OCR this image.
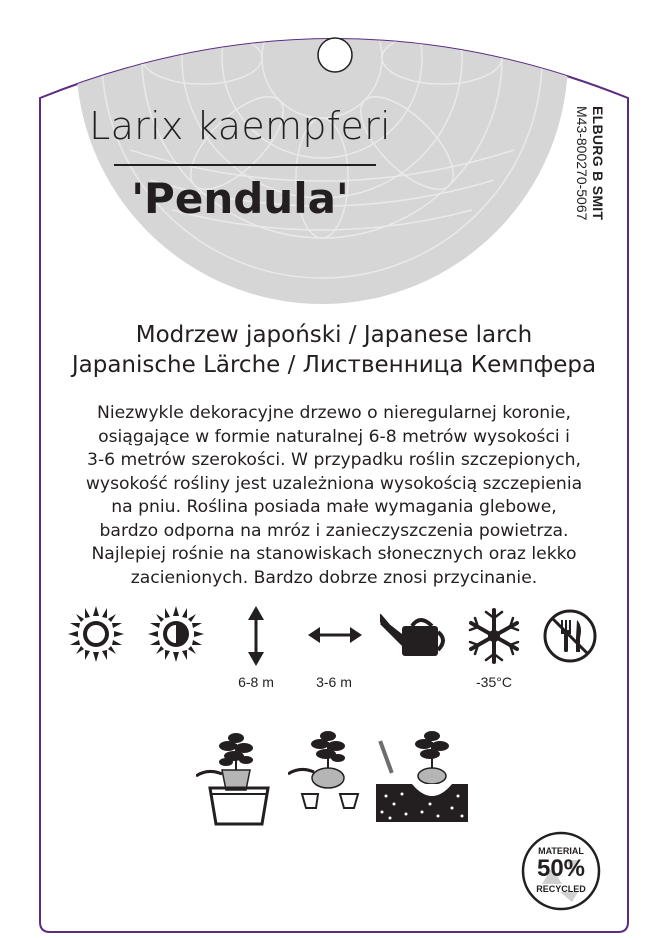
Larix kaempferi
'Pendula'	ELBURG B SMIT
M43-800270-5067
Modrzew japoński / Japanese larch
Japanische Lärche / Лиственница Кемпфера
Niezwykle dekoracyjne drzewo o nieregularnej koronie,
osiągające w formie naturalnej 6-8 metrów wysokości i
3-6 metrów szerokości. W przypadku roślin szczepionych,
wysokość rośliny jest uzależniona wysokością szczepienia
na pniu. Roślina posiada małe wymagania glebowe,
bardzo odporna na mróz i zanieczyszczenia powietrza.
Najlepiej rośnie na stanowiskach słonecznych oraz lekko
zacienionych. Bardzo dobrze znosi przycinanie.
6-8 m	3-6 m	-35°C
MATERIAL
50%
RECYCLED
